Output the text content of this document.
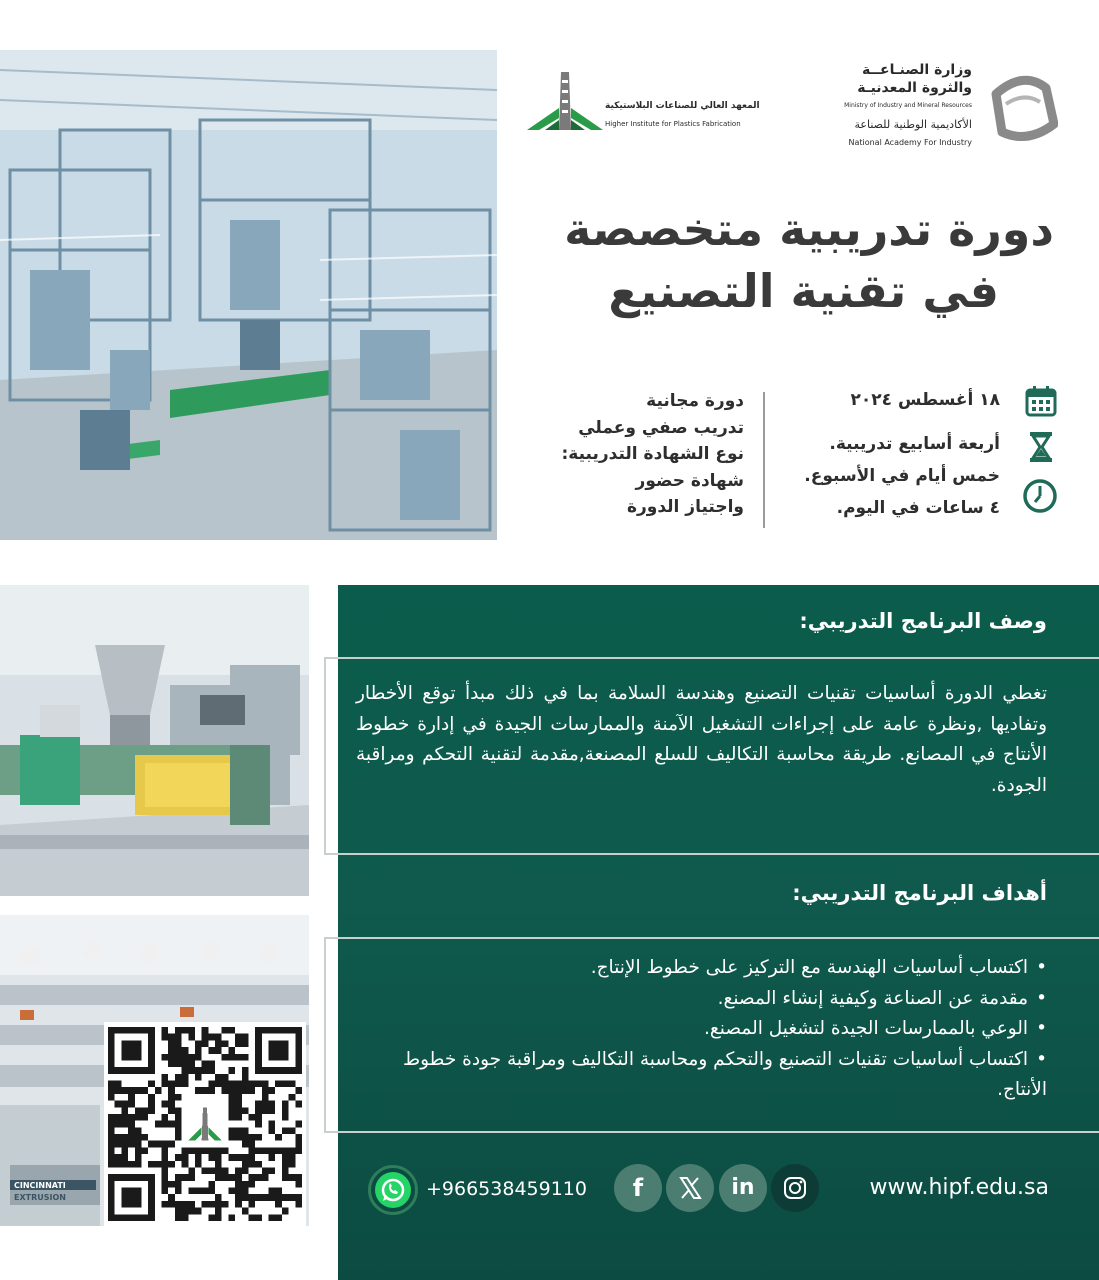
المعهد العالي للصناعات البلاستيكية
Higher Institute for Plastics Fabrication
وزارة الصنـاعــة
والثروة المعدنيـة
Ministry of Industry and Mineral Resources
الأكاديمية الوطنية للصناعة
National Academy For Industry
دورة تدريبية متخصصة
في تقنية التصنيع
دورة مجانية
تدريب صفي وعملي
نوع الشهادة التدريبية:
شهادة حضور
واجتياز الدورة
١٨ أغسطس ٢٠٢٤
أربعة أسابيع تدريبية.
خمس أيام في الأسبوع.
٤ ساعات في اليوم.
CINCINNATI
EXTRUSION
وصف البرنامج التدريبي:
تغطي الدورة أساسيات تقنيات التصنيع وهندسة السلامة بما في ذلك مبدأ توقع الأخطار وتفاديها ,ونظرة عامة على إجراءات التشغيل الآمنة والممارسات الجيدة في إدارة خطوط الأنتاج في المصانع. طريقة محاسبة التكاليف للسلع المصنعة,مقدمة لتقنية التحكم ومراقبة الجودة.
أهداف البرنامج التدريبي:
• اكتساب أساسيات الهندسة مع التركيز على خطوط الإنتاج.
• مقدمة عن الصناعة وكيفية إنشاء المصنع.
• الوعي بالممارسات الجيدة لتشغيل المصنع.
• اكتساب أساسيات تقنيات التصنيع والتحكم ومحاسبة التكاليف ومراقبة جودة خطوط الأنتاج.
+966538459110	f	in	www.hipf.edu.sa
